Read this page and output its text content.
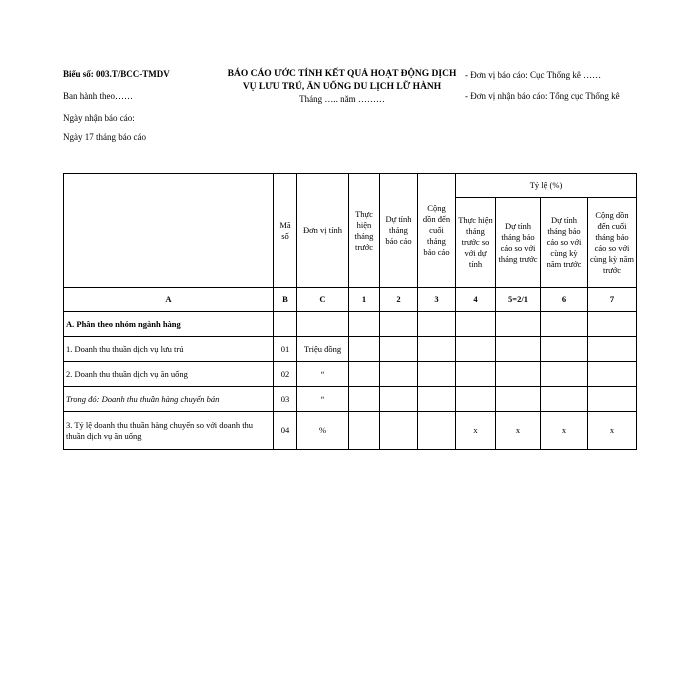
Biểu số: 003.T/BCC-TMDV
Ban hành theo……
Ngày nhận báo cáo:
Ngày 17 tháng báo cáo
BÁO CÁO ƯỚC TÍNH KẾT QUẢ HOẠT ĐỘNG DỊCH
VỤ LƯU TRÚ, ĂN UỐNG DU LỊCH LỮ HÀNH
Tháng ….. năm ………
- Đơn vị báo cáo: Cục Thống kê ……
- Đơn vị nhận báo cáo: Tổng cục Thống kê
	Mã số	Đơn vị tính	Thực hiện tháng trước	Dự tính tháng báo cáo	Cộng dồn đến cuối tháng báo cáo	Tỷ lệ (%)			
						Thực hiện tháng trước so với dự tính	Dự tính tháng báo cáo so với tháng trước	Dự tính tháng báo cáo so với cùng kỳ năm trước	Cộng dồn đến cuối tháng báo cáo so với cùng kỳ năm trước
A	B	C	1	2	3	4	5=2/1	6	7
A. Phân theo nhóm ngành hàng									
1. Doanh thu thuần dịch vụ lưu trú	01	Triệu đồng							
2. Doanh thu thuần dịch vụ ăn uống	02	“							
Trong đó: Doanh thu thuần hàng chuyển bán	03	“							
3. Tỷ lệ doanh thu thuần hàng chuyển so với doanh thu thuần dịch vụ ăn uống	04	%				x	x	x	x
